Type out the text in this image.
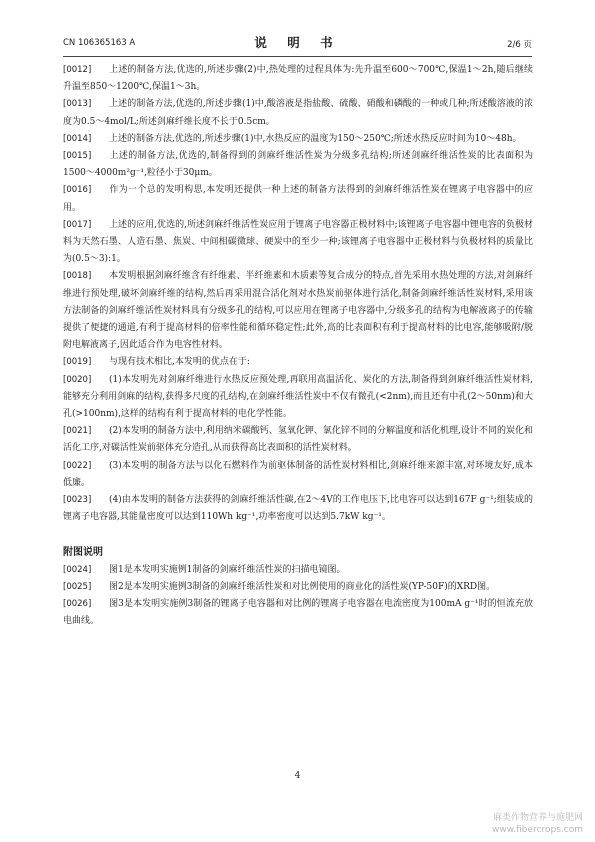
CN 106365163 A	说 明 书	2/6 页
[0012] 上述的制备方法,优选的,所述步骤(2)中,热处理的过程具体为:先升温至600～700℃,保温1～2h,随后继续升温至850～1200℃,保温1～3h。
[0013] 上述的制备方法,优选的,所述步骤(1)中,酸溶液是指盐酸、硫酸、硝酸和磷酸的一种或几种;所述酸溶液的浓度为0.5～4mol/L;所述剑麻纤维长度不长于0.5cm。
[0014] 上述的制备方法,优选的,所述步骤(1)中,水热反应的温度为150～250℃;所述水热反应时间为10～48h。
[0015] 上述的制备方法,优选的,制备得到的剑麻纤维活性炭为分级多孔结构;所述剑麻纤维活性炭的比表面积为1500～4000m²g⁻¹,粒径小于30μm。
[0016] 作为一个总的发明构思,本发明还提供一种上述的制备方法得到的剑麻纤维活性炭在锂离子电容器中的应用。
[0017] 上述的应用,优选的,所述剑麻纤维活性炭应用于锂离子电容器正极材料中;该锂离子电容器中锂电容的负极材料为天然石墨、人造石墨、焦炭、中间相碳微球、硬炭中的至少一种;该锂离子电容器中正极材料与负极材料的质量比为(0.5～3):1。
[0018] 本发明根据剑麻纤维含有纤维素、半纤维素和木质素等复合成分的特点,首先采用水热处理的方法,对剑麻纤维进行预处理,破坏剑麻纤维的结构,然后再采用混合活化剂对水热炭前驱体进行活化,制备剑麻纤维活性炭材料,采用该方法制备的剑麻纤维活性炭材料具有分级多孔的结构,可以应用在锂离子电容器中,分级多孔的结构为电解液离子的传输提供了便捷的通道,有利于提高材料的倍率性能和循环稳定性;此外,高的比表面积有利于提高材料的比电容,能够吸附/脱附电解液离子,因此适合作为电容性材料。
[0019] 与现有技术相比,本发明的优点在于:
[0020] (1)本发明先对剑麻纤维进行水热反应预处理,再联用高温活化、炭化的方法,制备得到剑麻纤维活性炭材料,能够充分利用剑麻的结构,获得多尺度的孔结构,在剑麻纤维活性炭中不仅有微孔(<2nm),而且还有中孔(2～50nm)和大孔(>100nm),这样的结构有利于提高材料的电化学性能。
[0021] (2)本发明的制备方法中,利用纳米碳酸钙、氢氧化钾、氯化锌不同的分解温度和活化机理,设计不同的炭化和活化工序,对碳活性炭前驱体充分造孔,从而获得高比表面积的活性炭材料。
[0022] (3)本发明的制备方法与以化石燃料作为前驱体制备的活性炭材料相比,剑麻纤维来源丰富,对环境友好,成本低廉。
[0023] (4)由本发明的制备方法获得的剑麻纤维活性碳,在2～4V的工作电压下,比电容可以达到167F g⁻¹;组装成的锂离子电容器,其能量密度可以达到110Wh kg⁻¹,功率密度可以达到5.7kW kg⁻¹。
附图说明
[0024] 图1是本发明实施例1制备的剑麻纤维活性炭的扫描电镜图。
[0025] 图2是本发明实施例3制备的剑麻纤维活性炭和对比例使用的商业化的活性炭(YP-50F)的XRD图。
[0026] 图3是本发明实施例3制备的锂离子电容器和对比例的锂离子电容器在电流密度为100mA g⁻¹时的恒流充放电曲线。
4
麻类作物营养与施肥网
www.fibercrops.com
